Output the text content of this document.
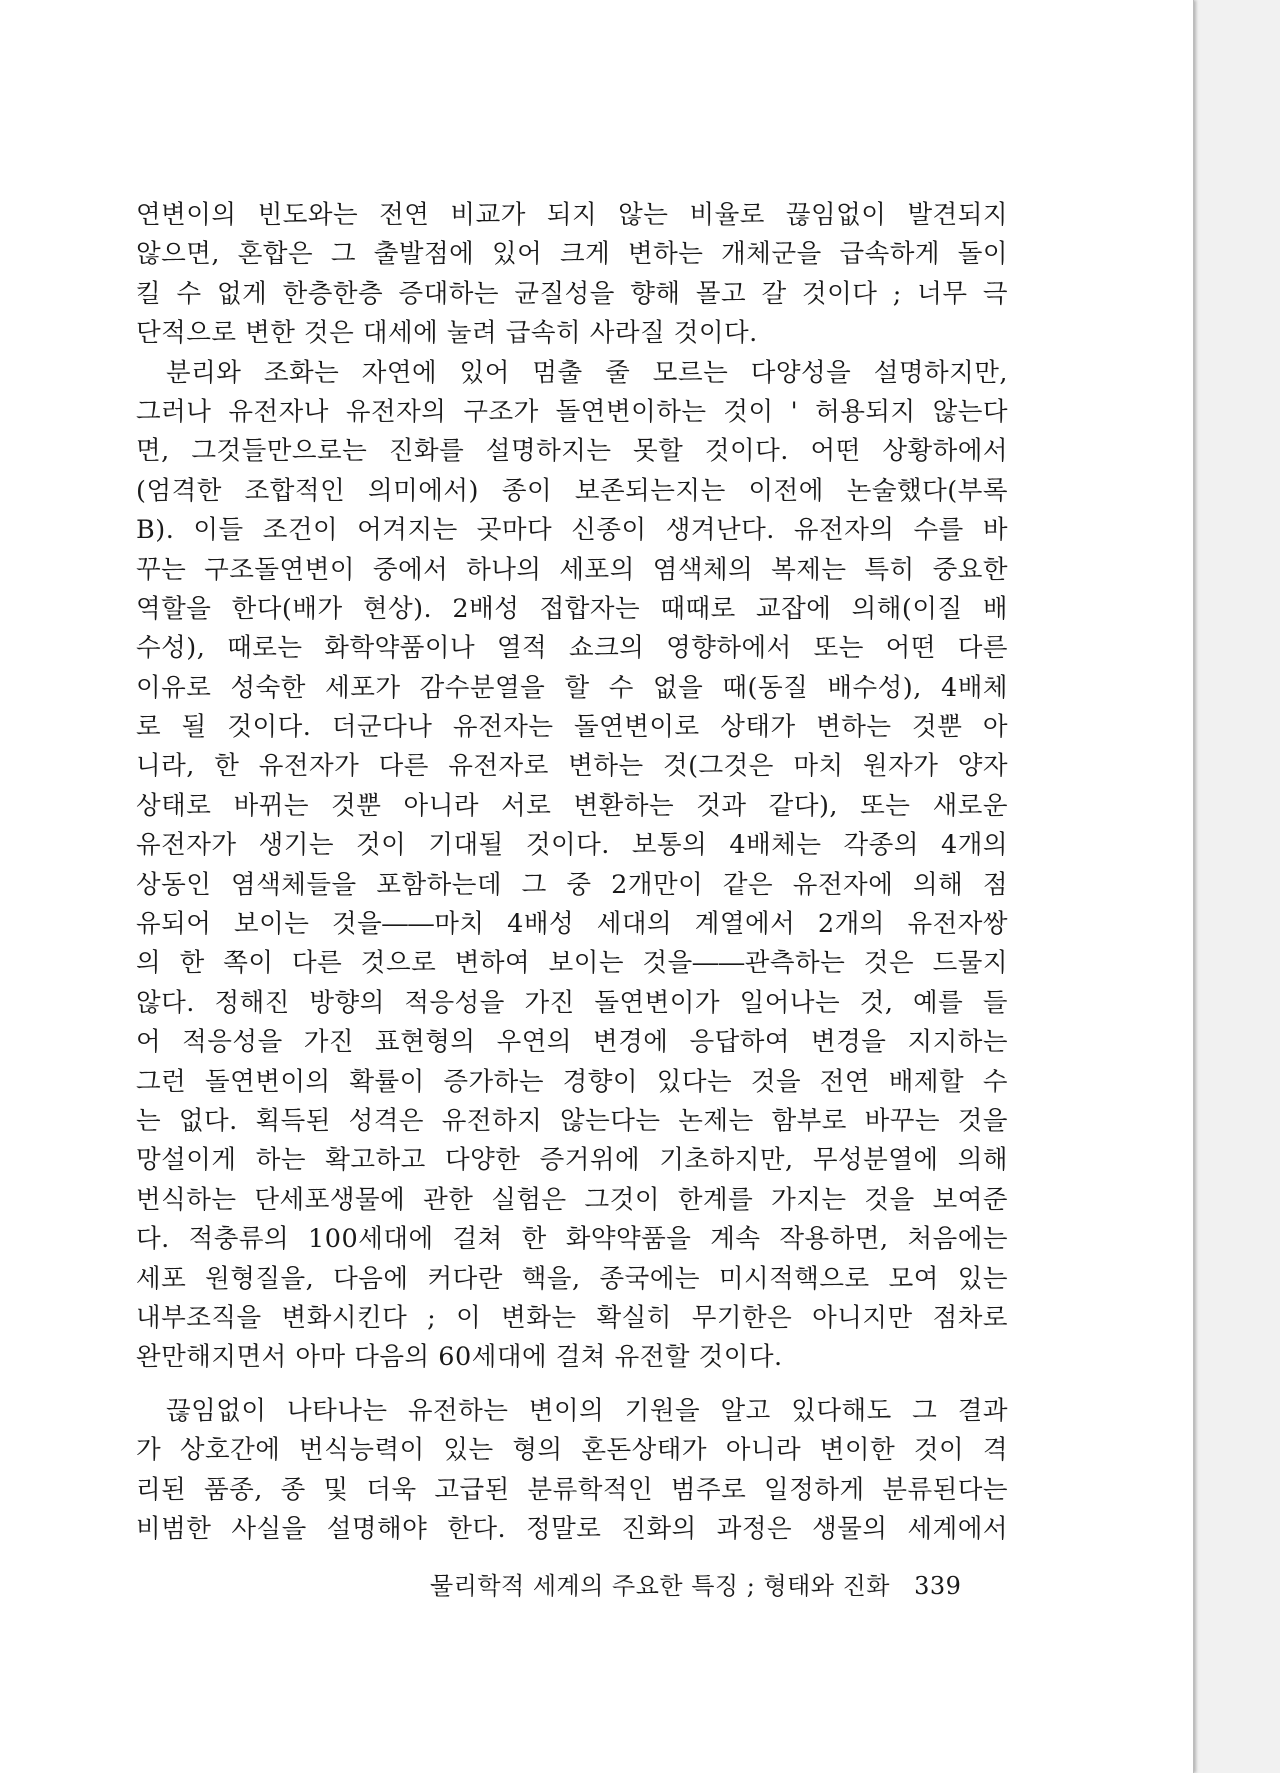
연변이의 빈도와는 전연 비교가 되지 않는 비율로 끊임없이 발견되지
않으면, 혼합은 그 출발점에 있어 크게 변하는 개체군을 급속하게 돌이
킬 수 없게 한층한층 증대하는 균질성을 향해 몰고 갈 것이다 ; 너무 극
단적으로 변한 것은 대세에 눌려 급속히 사라질 것이다.
분리와 조화는 자연에 있어 멈출 줄 모르는 다양성을 설명하지만,
그러나 유전자나 유전자의 구조가 돌연변이하는 것이 ' 허용되지 않는다
면, 그것들만으로는 진화를 설명하지는 못할 것이다. 어떤 상황하에서
(엄격한 조합적인 의미에서) 종이 보존되는지는 이전에 논술했다(부록
B). 이들 조건이 어겨지는 곳마다 신종이 생겨난다. 유전자의 수를 바
꾸는 구조돌연변이 중에서 하나의 세포의 염색체의 복제는 특히 중요한
역할을 한다(배가 현상). 2배성 접합자는 때때로 교잡에 의해(이질 배
수성), 때로는 화학약품이나 열적 쇼크의 영향하에서 또는 어떤 다른
이유로 성숙한 세포가 감수분열을 할 수 없을 때(동질 배수성), 4배체
로 될 것이다. 더군다나 유전자는 돌연변이로 상태가 변하는 것뿐 아
니라, 한 유전자가 다른 유전자로 변하는 것(그것은 마치 원자가 양자
상태로 바뀌는 것뿐 아니라 서로 변환하는 것과 같다), 또는 새로운
유전자가 생기는 것이 기대될 것이다. 보통의 4배체는 각종의 4개의
상동인 염색체들을 포함하는데 그 중 2개만이 같은 유전자에 의해 점
유되어 보이는 것을――마치 4배성 세대의 계열에서 2개의 유전자쌍
의 한 쪽이 다른 것으로 변하여 보이는 것을――관측하는 것은 드물지
않다. 정해진 방향의 적응성을 가진 돌연변이가 일어나는 것, 예를 들
어 적응성을 가진 표현형의 우연의 변경에 응답하여 변경을 지지하는
그런 돌연변이의 확률이 증가하는 경향이 있다는 것을 전연 배제할 수
는 없다. 획득된 성격은 유전하지 않는다는 논제는 함부로 바꾸는 것을
망설이게 하는 확고하고 다양한 증거위에 기초하지만, 무성분열에 의해
번식하는 단세포생물에 관한 실험은 그것이 한계를 가지는 것을 보여준
다. 적충류의 100세대에 걸쳐 한 화약약품을 계속 작용하면, 처음에는
세포 원형질을, 다음에 커다란 핵을, 종국에는 미시적핵으로 모여 있는
내부조직을 변화시킨다 ; 이 변화는 확실히 무기한은 아니지만 점차로
완만해지면서 아마 다음의 60세대에 걸쳐 유전할 것이다.
끊임없이 나타나는 유전하는 변이의 기원을 알고 있다해도 그 결과
가 상호간에 번식능력이 있는 형의 혼돈상태가 아니라 변이한 것이 격
리된 품종, 종 및 더욱 고급된 분류학적인 범주로 일정하게 분류된다는
비범한 사실을 설명해야 한다. 정말로 진화의 과정은 생물의 세계에서
물리학적 세계의 주요한 특징 ; 형태와 진화 339
